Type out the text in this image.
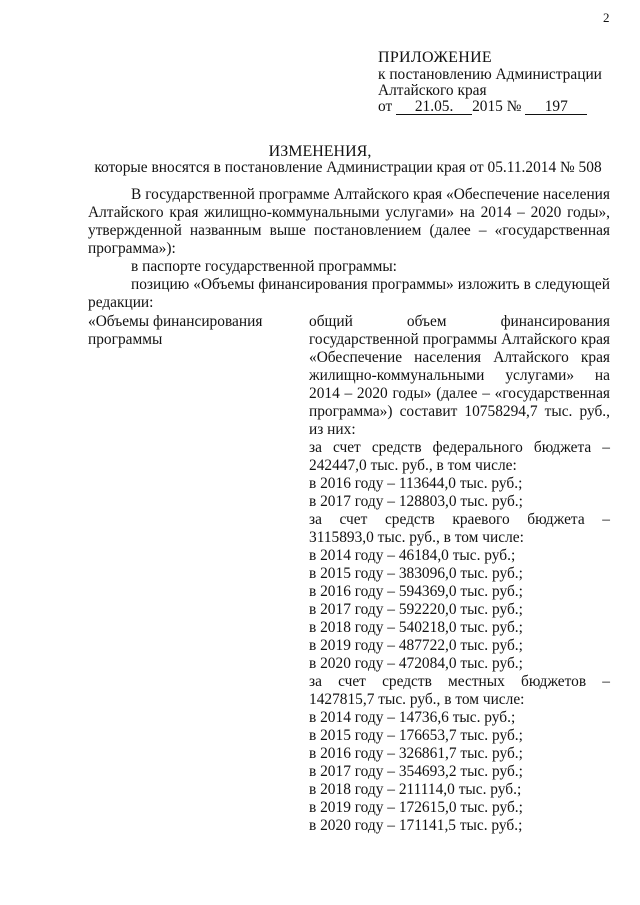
2
ПРИЛОЖЕНИЕ
к постановлению Администрации
Алтайского края
от 21.05. 2015 № 197
ИЗМЕНЕНИЯ,
которые вносятся в постановление Администрации края от 05.11.2014 № 508

В государственной программе Алтайского края «Обеспечение населения Алтайского края жилищно-коммунальными услугами» на 2014 – 2020 годы», утвержденной названным выше постановлением (далее – «государственная программа»):

в паспорте государственной программы:

позицию «Объемы финансирования программы» изложить в следующей редакции:

«Объемы финансирования
программы

общий объем финансирования государственной программы Алтайского края «Обеспечение населения Алтайского края жилищно-коммунальными услугами» на 2014 – 2020 годы» (далее – «государственная программа») составит 10758294,7 тыс. руб., из них:

за счет средств федерального бюджета –

242447,0 тыс. руб., в том числе:

в 2016 году – 113644,0 тыс. руб.;
в 2017 году – 128803,0 тыс. руб.;
за счет средств краевого бюджета –

3115893,0 тыс. руб., в том числе:

в 2014 году – 46184,0 тыс. руб.;
в 2015 году – 383096,0 тыс. руб.;
в 2016 году – 594369,0 тыс. руб.;
в 2017 году – 592220,0 тыс. руб.;
в 2018 году – 540218,0 тыс. руб.;
в 2019 году – 487722,0 тыс. руб.;
в 2020 году – 472084,0 тыс. руб.;
за счет средств местных бюджетов –

1427815,7 тыс. руб., в том числе:

в 2014 году – 14736,6 тыс. руб.;
в 2015 году – 176653,7 тыс. руб.;
в 2016 году – 326861,7 тыс. руб.;
в 2017 году – 354693,2 тыс. руб.;
в 2018 году – 211114,0 тыс. руб.;
в 2019 году – 172615,0 тыс. руб.;
в 2020 году – 171141,5 тыс. руб.;
